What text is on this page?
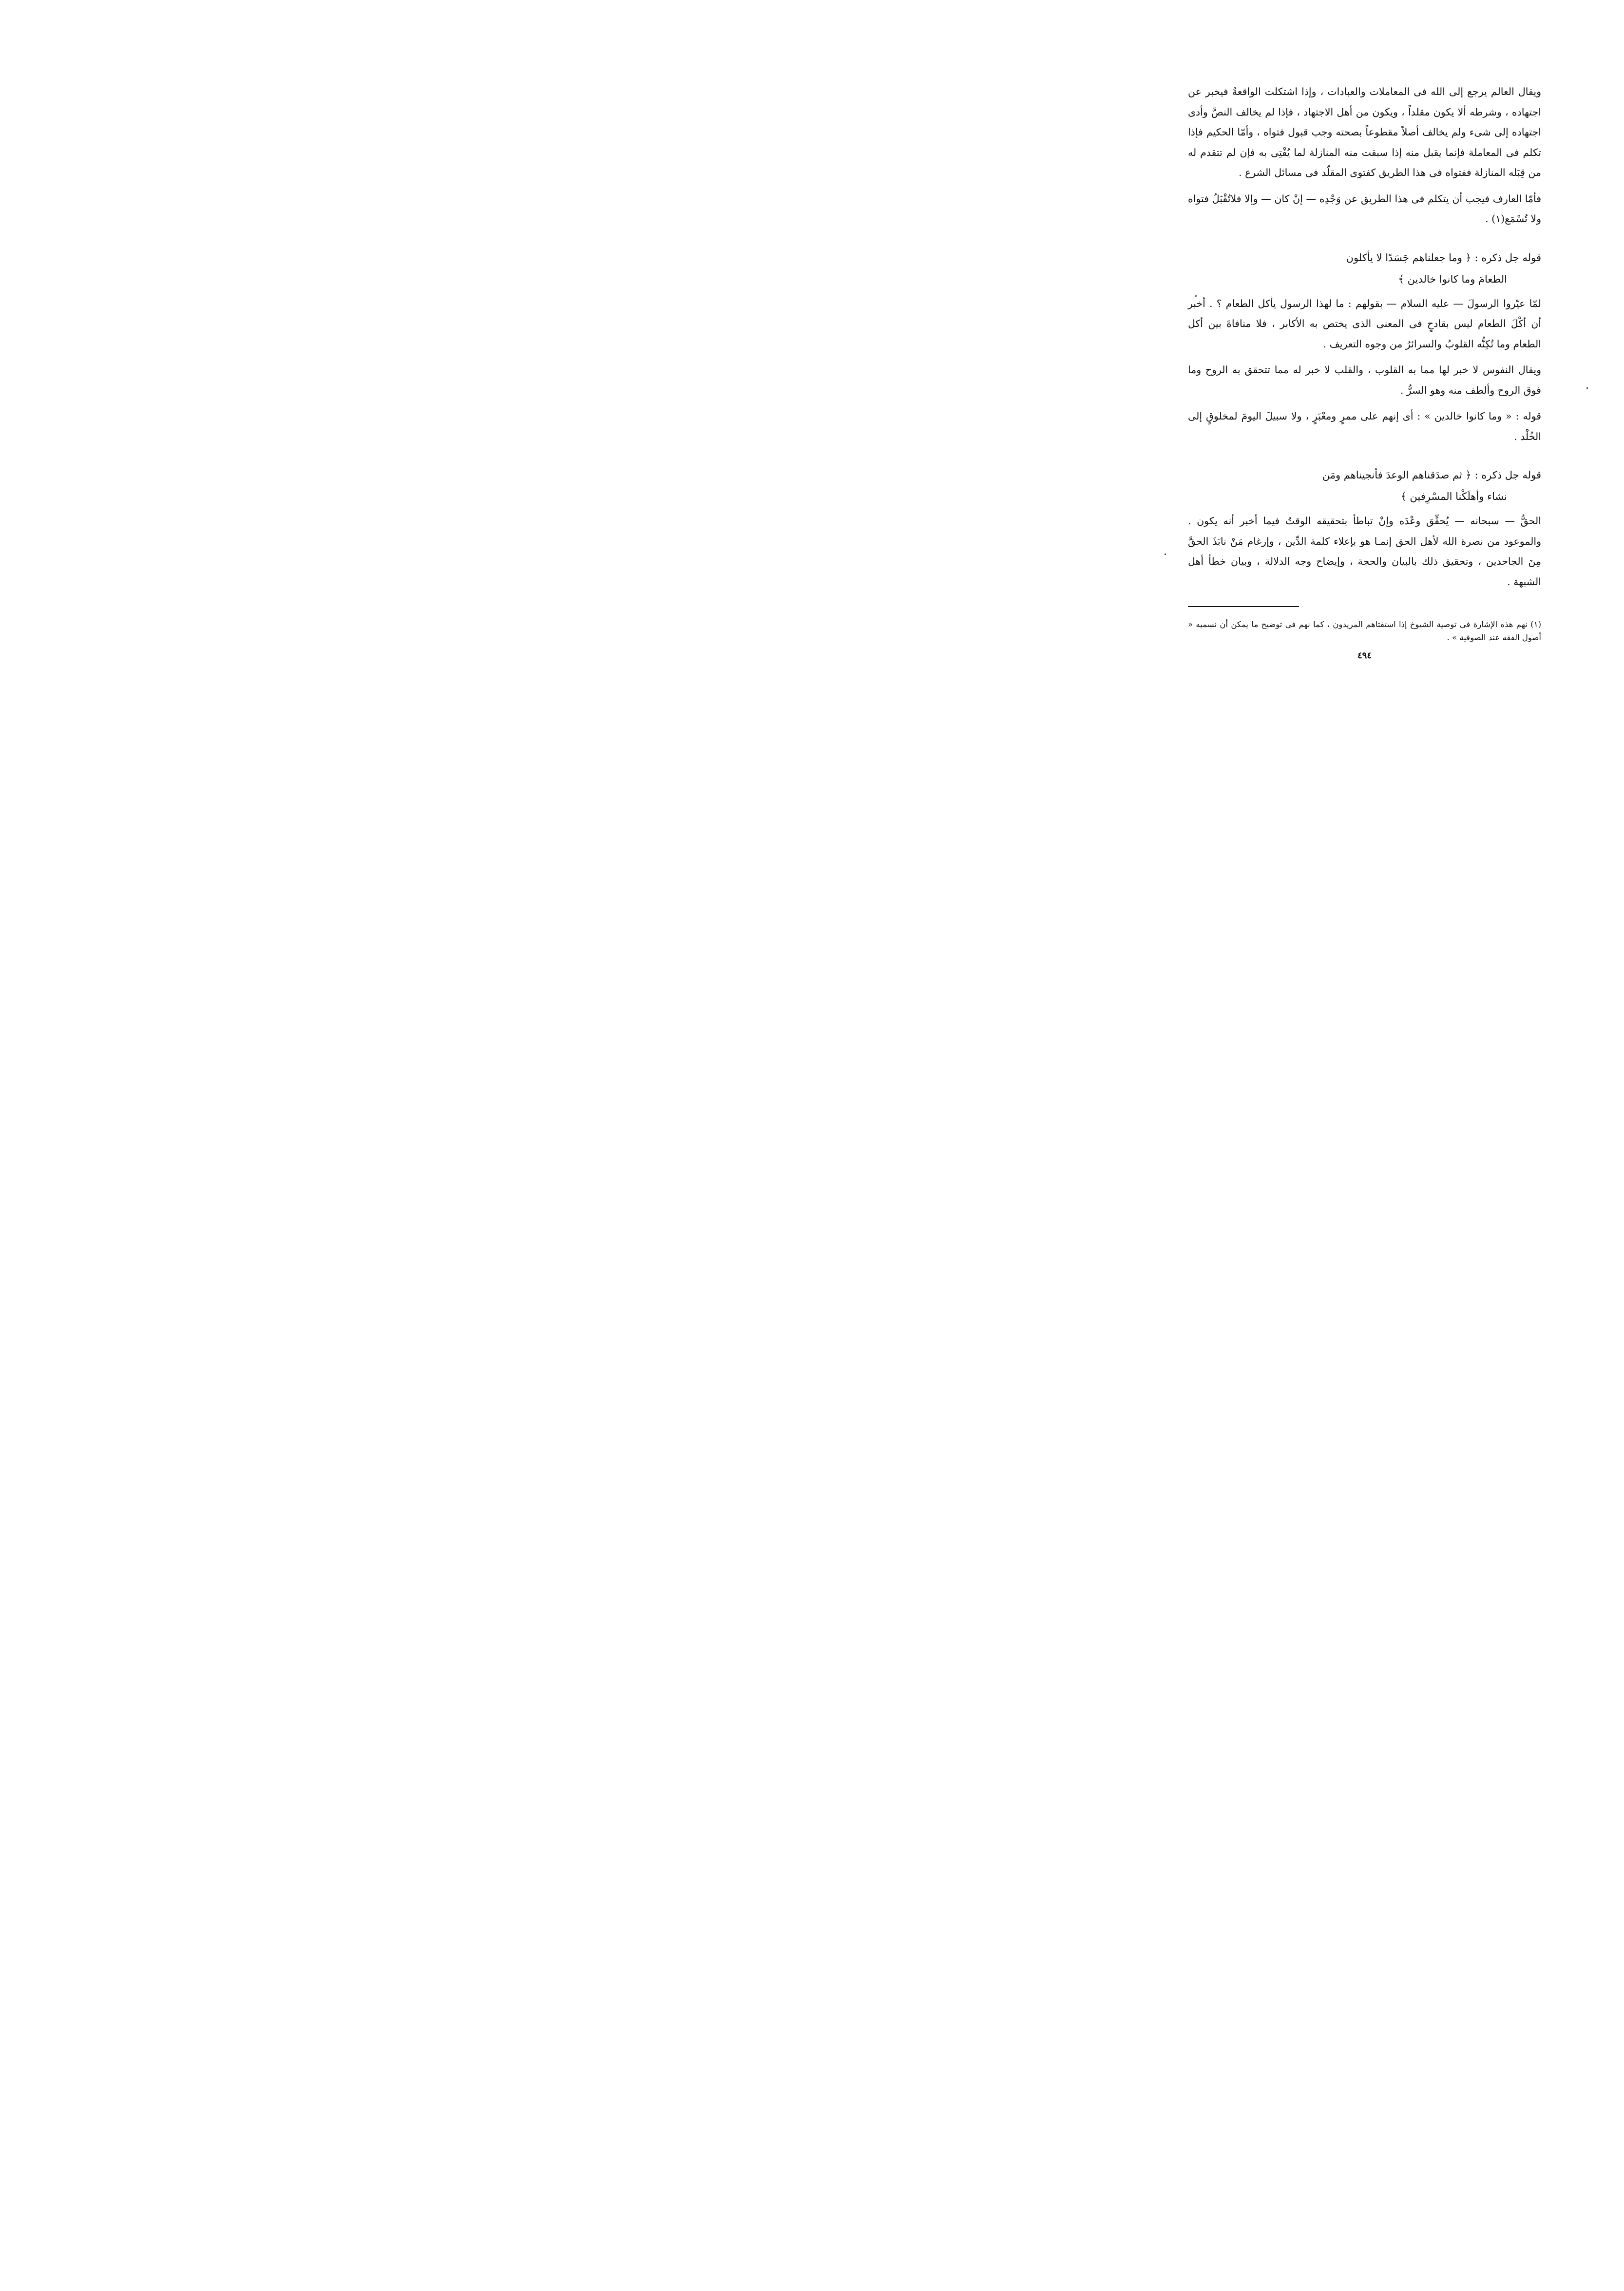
ويقال العالم يرجع إلى الله فى المعاملات والعبادات ، وإذا اشتكلت الواقعةُ فيخبر عن اجتهاده ، وشرطه ألا يكون مقلداً ، ويكون من أهل الاجتهاد ، فإذا لم يخالف النصَّ وأدى اجتهاده إلى شىء ولم يخالف أصلاً مقطوعاً بصحته وجب قبول فتواه ، وأمّا الحكيم فإذا تكلم فى المعاملة فإنما يقبل منه إذا سبقت منه المنازلة لما يُفْتِى به فإن لم تتقدم له من قِبَله المنازلة ففتواه فى هذا الطريق كفتوى المقلّد فى مسائل الشرع .

فأمّا العارف فيجب أن يتكلم فى هذا الطريق عن وَجْدِه — إنْ كان — وإلا فلاتُقْبَلُ فتواه ولا تُسْمَع(١) .

قوله جل ذكره : ﴿ وما جعلناهم جَسَدًا لا يأكلون
الطعامَ وما كانوا خالدين ﴾

لمّا عيّروا الرسولَ — عليه السلام — بقولهم : ما لهذا الرسول يأكل الطعام ؟ . أخبر أن أكْلَ الطعام ليس بقادحٍ فى المعنى الذى يختص به الأكابر ، فلا منافاةَ بين أكل الطعام وما تُكِنُّه القلوبُ والسرائرُ من وجوه التعريف .

ويقال النفوس لا خبر لها مما به القلوب ، والقلب لا خبر له مما تتحقق به الروح وما فوق الروح وألطف منه وهو السرُّ .

قوله : « وما كانوا خالدين » : أى إنهم على ممرٍ ومعْبَرٍ ، ولا سبيلَ اليومَ لمخلوقٍ إلى الخُلْد .

قوله جل ذكره : ﴿ ثم صدَقناهم الوعدَ فأنجيناهم ومَن
نشاء وأهلَكْنا المسْرِفين ﴾

الحقُّ — سبحانه — يُحقِّق وعْدَه وإنْ تباطأ بتحقيقه الوقتُ فيما أخبر أنه يكون . والموعود من نصرة الله لأهل الحق إنمـا هو بإعلاء كلمة الدِّين ، وإرغام مَنْ نابَذَ الحقَّ مِنَ الجاحدين ، وتحقيق ذلك بالبيان والحجة ، وإيضاح وجه الدلالة ، وبيان خطأ أهل الشبهة .

(١) نهم هذه الإشارة فى توصية الشيوخ إذا استفتاهم المريدون ، كما نهم فى توضيح ما يمكن أن نسميه « أصول الفقه عند الصوفية » .

٤٩٤
